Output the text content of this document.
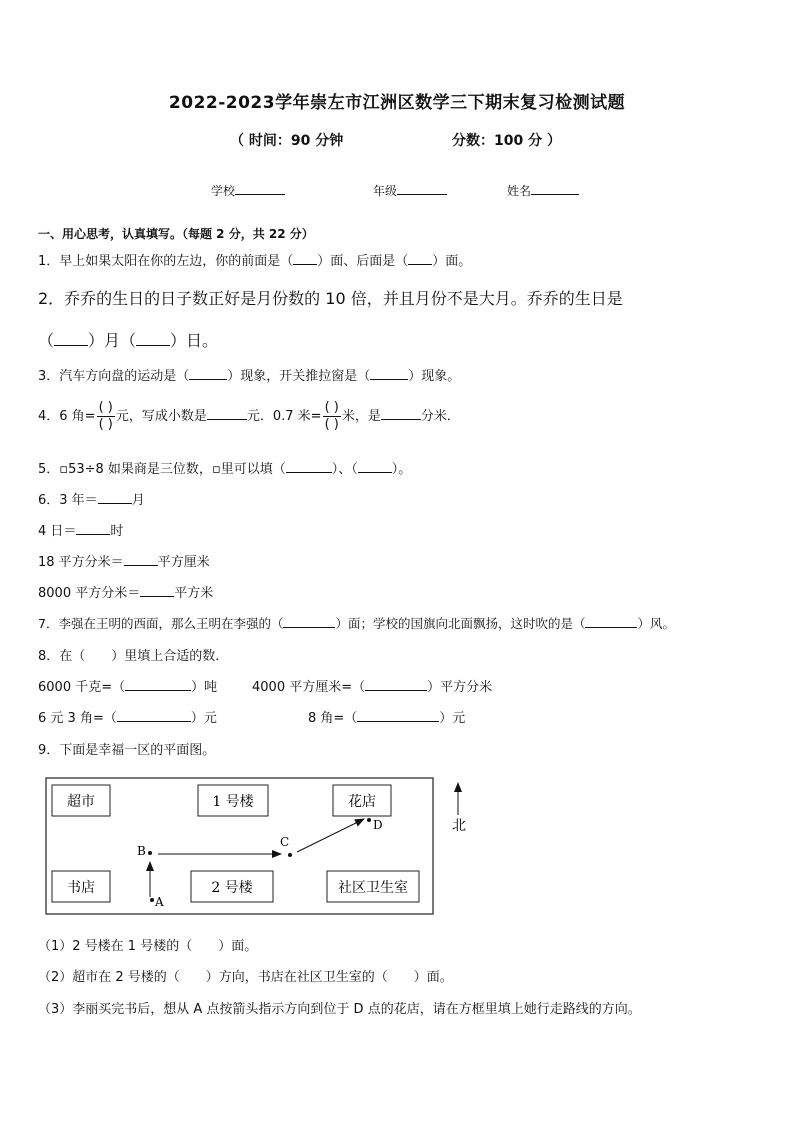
2022-2023学年崇左市江洲区数学三下期末复习检测试题
（ 时间：90 分钟	分数：100 分 ）
学校	年级	姓名
一、用心思考，认真填写。（每题 2 分，共 22 分）
1．早上如果太阳在你的左边，你的前面是（ ）面、后面是（ ）面。
2．乔乔的生日的日子数正好是月份数的 10 倍，并且月份不是大月。乔乔的生日是
（ ）月（ ）日。
3．汽车方向盘的运动是（	）现象，开关推拉窗是（	）现象。
4．6 角= $\frac{( )}{( )}$ 元，写成小数是	元．0.7 米= $\frac{( )}{( )}$ 米，是	分米．
5．▫53÷8 如果商是三位数，▫里可以填（	）、（	）。
6．3 年＝	月
4 日＝	时
18 平方分米＝	平方厘米
8000 平方分米＝	平方米
7．李强在王明的西面，那么王明在李强的（	）面；学校的国旗向北面飘扬，这时吹的是（	）风。
8．在（　　）里填上合适的数．
6000 千克=（	）吨	4000 平方厘米=（	）平方分米
6 元 3 角=（	）元	8 角=（	）元
9．下面是幸福一区的平面图。
超市	1 号楼	花店
书店	2 号楼	社区卫生室
A
B
C
D	北
（1）2 号楼在 1 号楼的（　　）面。
（2）超市在 2 号楼的（　　）方向，书店在社区卫生室的（　　）面。
（3）李丽买完书后，想从 A 点按箭头指示方向到位于 D 点的花店，请在方框里填上她行走路线的方向。
